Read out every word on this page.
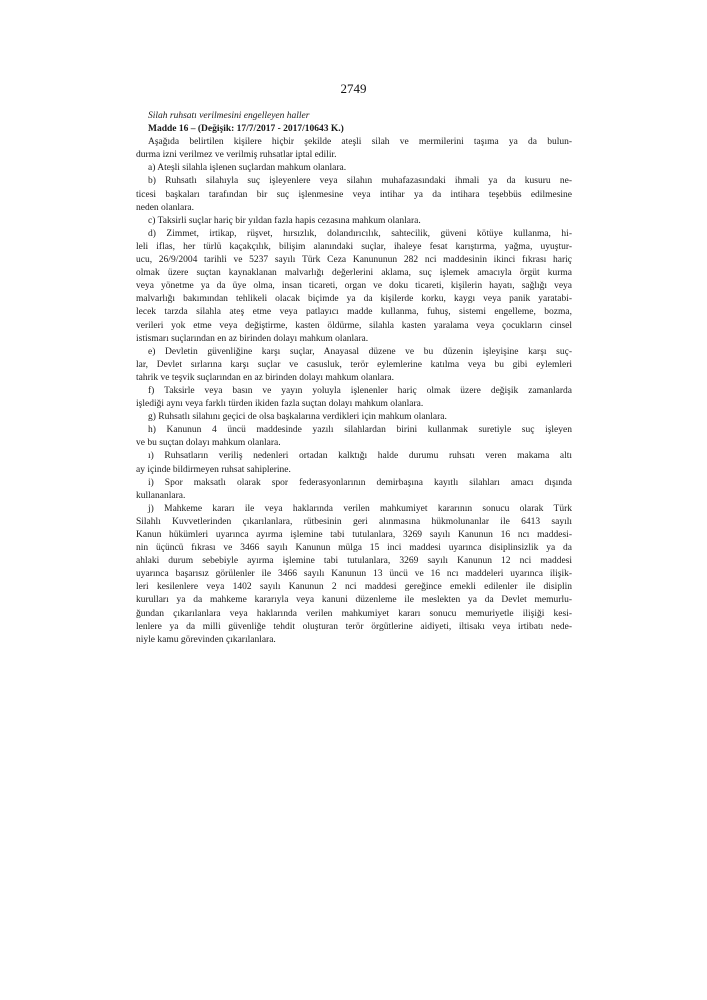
2749
Silah ruhsatı verilmesini engelleyen haller
Madde 16 – (Değişik: 17/7/2017 - 2017/10643 K.)
Aşağıda belirtilen kişilere hiçbir şekilde ateşli silah ve mermilerini taşıma ya da bulun-
durma izni verilmez ve verilmiş ruhsatlar iptal edilir.
a) Ateşli silahla işlenen suçlardan mahkum olanlara.
b) Ruhsatlı silahıyla suç işleyenlere veya silahın muhafazasındaki ihmali ya da kusuru ne-
ticesi başkaları tarafından bir suç işlenmesine veya intihar ya da intihara teşebbüs edilmesine
neden olanlara.
c) Taksirli suçlar hariç bir yıldan fazla hapis cezasına mahkum olanlara.
d) Zimmet, irtikap, rüşvet, hırsızlık, dolandırıcılık, sahtecilik, güveni kötüye kullanma, hi-
leli iflas, her türlü kaçakçılık, bilişim alanındaki suçlar, ihaleye fesat karıştırma, yağma, uyuştur-
ucu, 26/9/2004 tarihli ve 5237 sayılı Türk Ceza Kanununun 282 nci maddesinin ikinci fıkrası hariç
olmak üzere suçtan kaynaklanan malvarlığı değerlerini aklama, suç işlemek amacıyla örgüt kurma
veya yönetme ya da üye olma, insan ticareti, organ ve doku ticareti, kişilerin hayatı, sağlığı veya
malvarlığı bakımından tehlikeli olacak biçimde ya da kişilerde korku, kaygı veya panik yaratabi-
lecek tarzda silahla ateş etme veya patlayıcı madde kullanma, fuhuş, sistemi engelleme, bozma,
verileri yok etme veya değiştirme, kasten öldürme, silahla kasten yaralama veya çocukların cinsel
istismarı suçlarından en az birinden dolayı mahkum olanlara.
e) Devletin güvenliğine karşı suçlar, Anayasal düzene ve bu düzenin işleyişine karşı suç-
lar, Devlet sırlarına karşı suçlar ve casusluk, terör eylemlerine katılma veya bu gibi eylemleri
tahrik ve teşvik suçlarından en az birinden dolayı mahkum olanlara.
f) Taksirle veya basın ve yayın yoluyla işlenenler hariç olmak üzere değişik zamanlarda
işlediği aynı veya farklı türden ikiden fazla suçtan dolayı mahkum olanlara.
g) Ruhsatlı silahını geçici de olsa başkalarına verdikleri için mahkum olanlara.
h) Kanunun 4 üncü maddesinde yazılı silahlardan birini kullanmak suretiyle suç işleyen
ve bu suçtan dolayı mahkum olanlara.
ı) Ruhsatların veriliş nedenleri ortadan kalktığı halde durumu ruhsatı veren makama altı
ay içinde bildirmeyen ruhsat sahiplerine.
i) Spor maksatlı olarak spor federasyonlarının demirbaşına kayıtlı silahları amacı dışında
kullananlara.
j) Mahkeme kararı ile veya haklarında verilen mahkumiyet kararının sonucu olarak Türk
Silahlı Kuvvetlerinden çıkarılanlara, rütbesinin geri alınmasına hükmolunanlar ile 6413 sayılı
Kanun hükümleri uyarınca ayırma işlemine tabi tutulanlara, 3269 sayılı Kanunun 16 ncı maddesi-
nin üçüncü fıkrası ve 3466 sayılı Kanunun mülga 15 inci maddesi uyarınca disiplinsizlik ya da
ahlaki durum sebebiyle ayırma işlemine tabi tutulanlara, 3269 sayılı Kanunun 12 nci maddesi
uyarınca başarısız görülenler ile 3466 sayılı Kanunun 13 üncü ve 16 ncı maddeleri uyarınca ilişik-
leri kesilenlere veya 1402 sayılı Kanunun 2 nci maddesi gereğince emekli edilenler ile disiplin
kurulları ya da mahkeme kararıyla veya kanuni düzenleme ile meslekten ya da Devlet memurlu-
ğundan çıkarılanlara veya haklarında verilen mahkumiyet kararı sonucu memuriyetle ilişiği kesi-
lenlere ya da milli güvenliğe tehdit oluşturan terör örgütlerine aidiyeti, iltisakı veya irtibatı nede-
niyle kamu görevinden çıkarılanlara.
